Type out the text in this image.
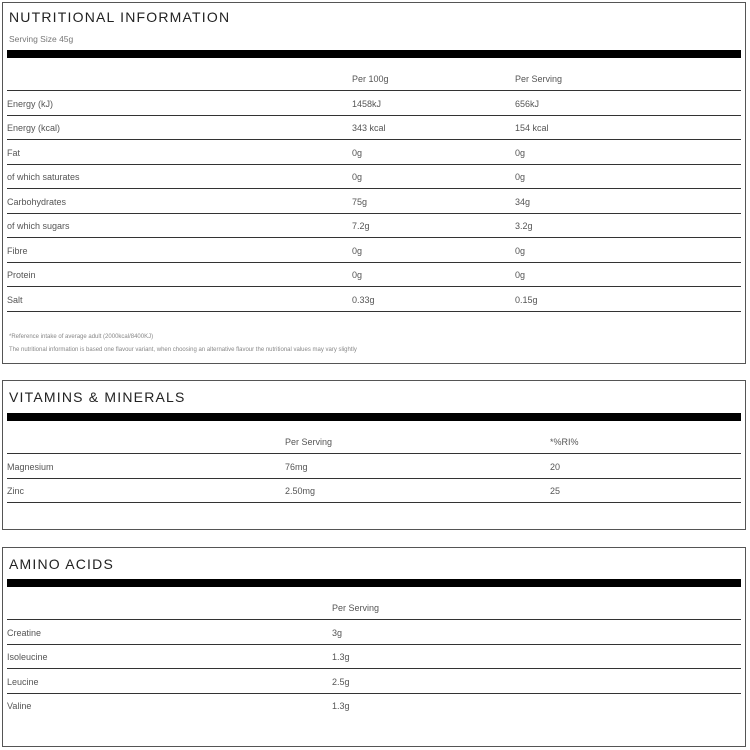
NUTRITIONAL INFORMATION
Serving Size 45g
Per 100g	Per Serving
Energy (kJ)	1458kJ	656kJ
Energy (kcal)	343 kcal	154 kcal
Fat	0g	0g
of which saturates	0g	0g
Carbohydrates	75g	34g
of which sugars	7.2g	3.2g
Fibre	0g	0g
Protein	0g	0g
Salt	0.33g	0.15g
*Reference intake of average adult (2000kcal/8400KJ)
The nutritional information is based one flavour variant, when choosing an alternative flavour the nutritional values may vary slightly
VITAMINS & MINERALS
Per Serving	*%RI%
Magnesium	76mg	20
Zinc	2.50mg	25
AMINO ACIDS
Per Serving
Creatine	3g
Isoleucine	1.3g
Leucine	2.5g
Valine	1.3g
